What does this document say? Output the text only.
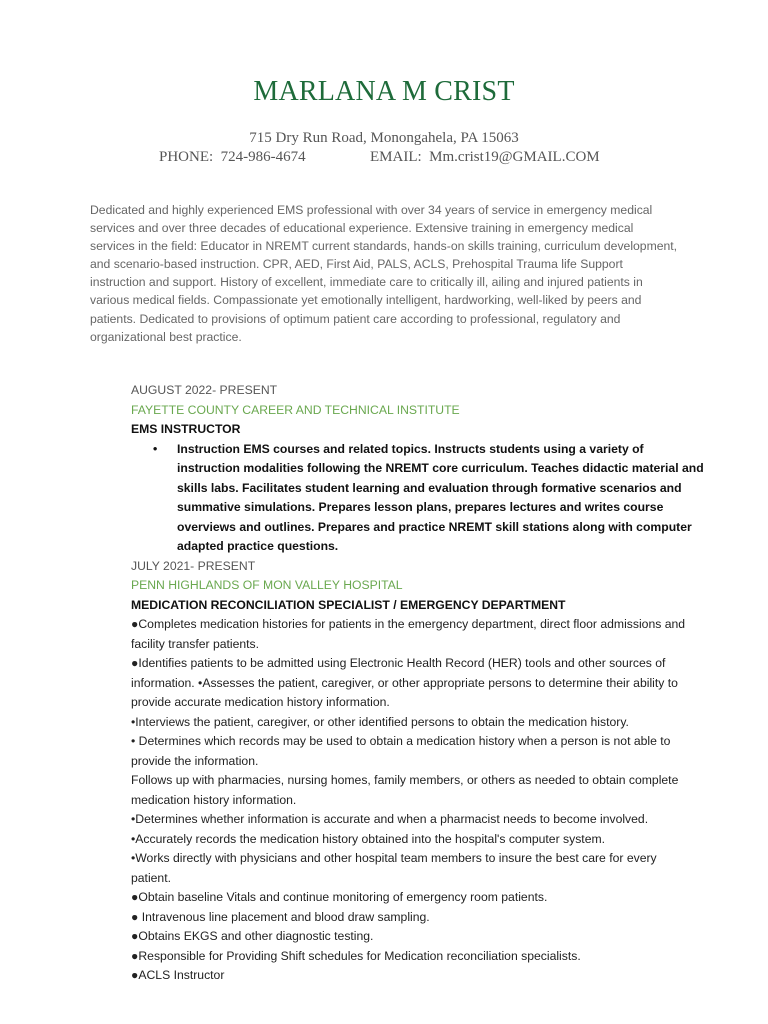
MARLANA M CRIST
715 Dry Run Road, Monongahela, PA 15063
PHONE:  724-986-4674	EMAIL:  Mm.crist19@GMAIL.COM
Dedicated and highly experienced EMS professional with over 34 years of service in emergency medical services and over three decades of educational experience. Extensive training in emergency medical services in the field: Educator in NREMT current standards, hands-on skills training, curriculum development, and scenario-based instruction. CPR, AED, First Aid, PALS, ACLS, Prehospital Trauma life Support instruction and support. History of excellent, immediate care to critically ill, ailing and injured patients in various medical fields. Compassionate yet emotionally intelligent, hardworking, well-liked by peers and patients. Dedicated to provisions of optimum patient care according to professional, regulatory and organizational best practice.
AUGUST 2022- PRESENT
FAYETTE COUNTY CAREER AND TECHNICAL INSTITUTE
EMS INSTRUCTOR
• Instruction EMS courses and related topics. Instructs students using a variety of instruction modalities following the NREMT core curriculum. Teaches didactic material and skills labs. Facilitates student learning and evaluation through formative scenarios and summative simulations. Prepares lesson plans, prepares lectures and writes course overviews and outlines. Prepares and practice NREMT skill stations along with computer adapted practice questions.
JULY 2021- PRESENT
PENN HIGHLANDS OF MON VALLEY HOSPITAL
MEDICATION RECONCILIATION SPECIALIST / EMERGENCY DEPARTMENT
●Completes medication histories for patients in the emergency department, direct floor admissions and facility transfer patients.
●Identifies patients to be admitted using Electronic Health Record (HER) tools and other sources of information. •Assesses the patient, caregiver, or other appropriate persons to determine their ability to provide accurate medication history information.
•Interviews the patient, caregiver, or other identified persons to obtain the medication history.
• Determines which records may be used to obtain a medication history when a person is not able to provide the information.
Follows up with pharmacies, nursing homes, family members, or others as needed to obtain complete medication history information.
•Determines whether information is accurate and when a pharmacist needs to become involved.
•Accurately records the medication history obtained into the hospital's computer system.
•Works directly with physicians and other hospital team members to insure the best care for every patient.
●Obtain baseline Vitals and continue monitoring of emergency room patients.
● Intravenous line placement and blood draw sampling.
●Obtains EKGS and other diagnostic testing.
●Responsible for Providing Shift schedules for Medication reconciliation specialists.
●ACLS Instructor
